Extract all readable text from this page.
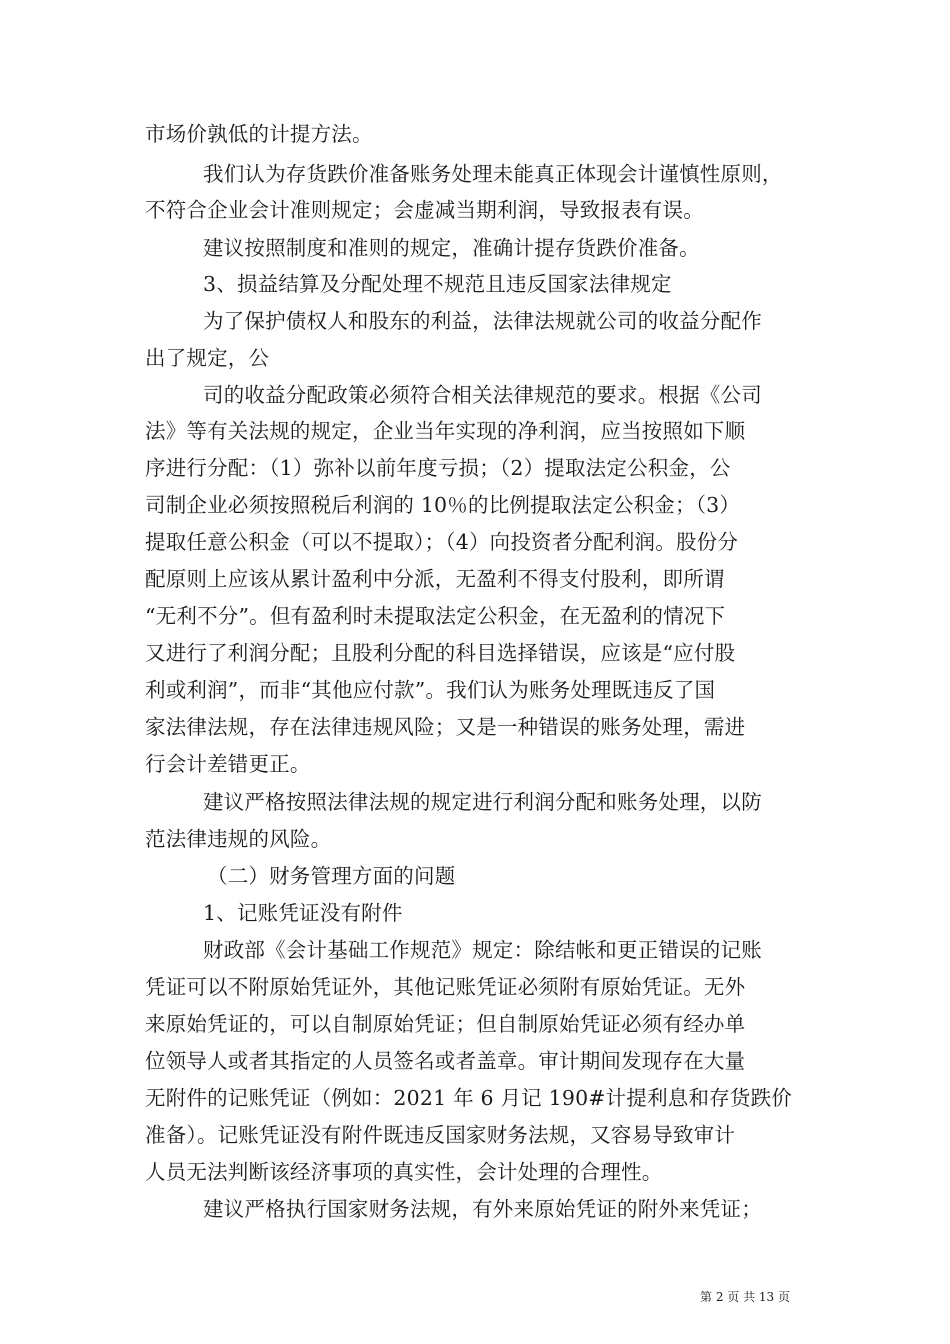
市场价孰低的计提方法。
我们认为存货跌价准备账务处理未能真正体现会计谨慎性原则，
不符合企业会计准则规定；会虚减当期利润，导致报表有误。
建议按照制度和准则的规定，准确计提存货跌价准备。
3、损益结算及分配处理不规范且违反国家法律规定
为了保护债权人和股东的利益，法律法规就公司的收益分配作
出了规定，公
司的收益分配政策必须符合相关法律规范的要求。根据《公司
法》等有关法规的规定，企业当年实现的净利润，应当按照如下顺
序进行分配：（1）弥补以前年度亏损；（2）提取法定公积金，公
司制企业必须按照税后利润的 10％的比例提取法定公积金；（3）
提取任意公积金（可以不提取）；（4）向投资者分配利润。股份分
配原则上应该从累计盈利中分派，无盈利不得支付股利，即所谓
“无利不分”。但有盈利时未提取法定公积金，在无盈利的情况下
又进行了利润分配；且股利分配的科目选择错误，应该是“应付股
利或利润”，而非“其他应付款”。我们认为账务处理既违反了国
家法律法规，存在法律违规风险；又是一种错误的账务处理，需进
行会计差错更正。
建议严格按照法律法规的规定进行利润分配和账务处理，以防
范法律违规的风险。
（二）财务管理方面的问题
1、记账凭证没有附件
财政部《会计基础工作规范》规定：除结帐和更正错误的记账
凭证可以不附原始凭证外，其他记账凭证必须附有原始凭证。无外
来原始凭证的，可以自制原始凭证；但自制原始凭证必须有经办单
位领导人或者其指定的人员签名或者盖章。审计期间发现存在大量
无附件的记账凭证（例如：2021 年 6 月记 190#计提利息和存货跌价
准备）。记账凭证没有附件既违反国家财务法规，又容易导致审计
人员无法判断该经济事项的真实性，会计处理的合理性。
建议严格执行国家财务法规，有外来原始凭证的附外来凭证；
第 2 页 共 13 页
